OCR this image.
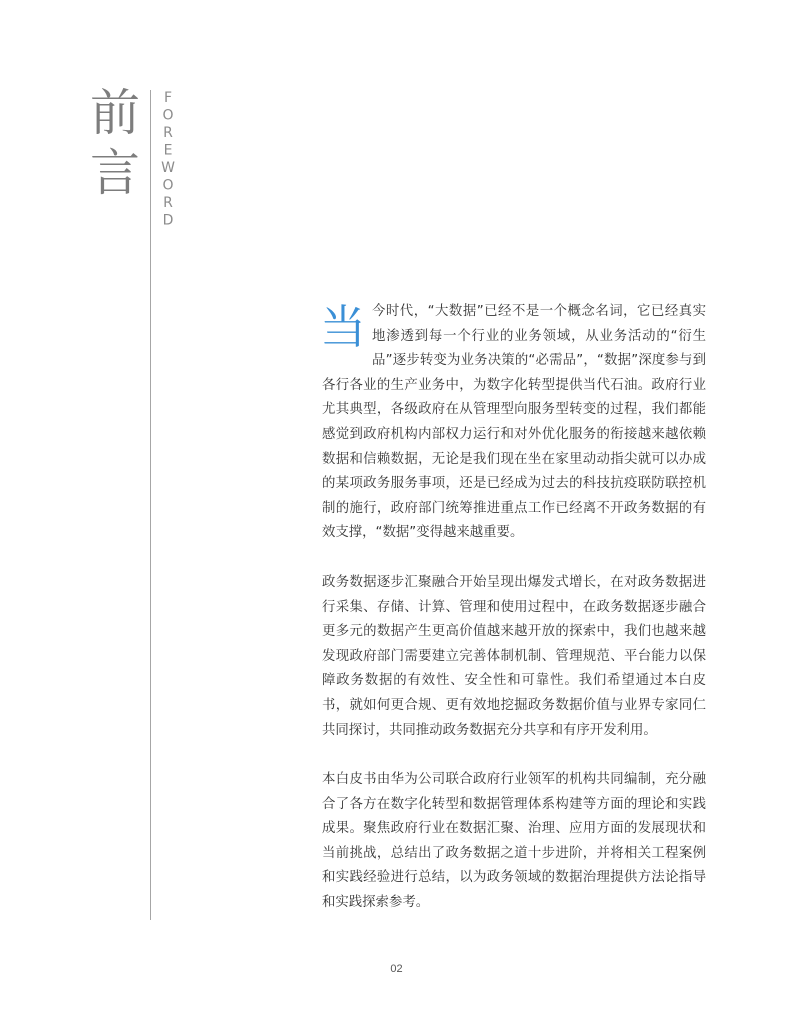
前言 FOREWORD

当今时代，“大数据”已经不是一个概念名词，它已经真实地渗透到每一个行业的业务领域，从业务活动的“衍生品”逐步转变为业务决策的“必需品”，“数据”深度参与到各行各业的生产业务中，为数字化转型提供当代石油。政府行业尤其典型，各级政府在从管理型向服务型转变的过程，我们都能感觉到政府机构内部权力运行和对外优化服务的衔接越来越依赖数据和信赖数据，无论是我们现在坐在家里动动指尖就可以办成的某项政务服务事项，还是已经成为过去的科技抗疫联防联控机制的施行，政府部门统筹推进重点工作已经离不开政务数据的有效支撑，“数据”变得越来越重要。

政务数据逐步汇聚融合开始呈现出爆发式增长，在对政务数据进行采集、存储、计算、管理和使用过程中，在政务数据逐步融合更多元的数据产生更高价值越来越开放的探索中，我们也越来越发现政府部门需要建立完善体制机制、管理规范、平台能力以保障政务数据的有效性、安全性和可靠性。我们希望通过本白皮书，就如何更合规、更有效地挖掘政务数据价值与业界专家同仁共同探讨，共同推动政务数据充分共享和有序开发利用。

本白皮书由华为公司联合政府行业领军的机构共同编制，充分融合了各方在数字化转型和数据管理体系构建等方面的理论和实践成果。聚焦政府行业在数据汇聚、治理、应用方面的发展现状和当前挑战，总结出了政务数据之道十步进阶，并将相关工程案例和实践经验进行总结，以为政务领域的数据治理提供方法论指导和实践探索参考。

02
